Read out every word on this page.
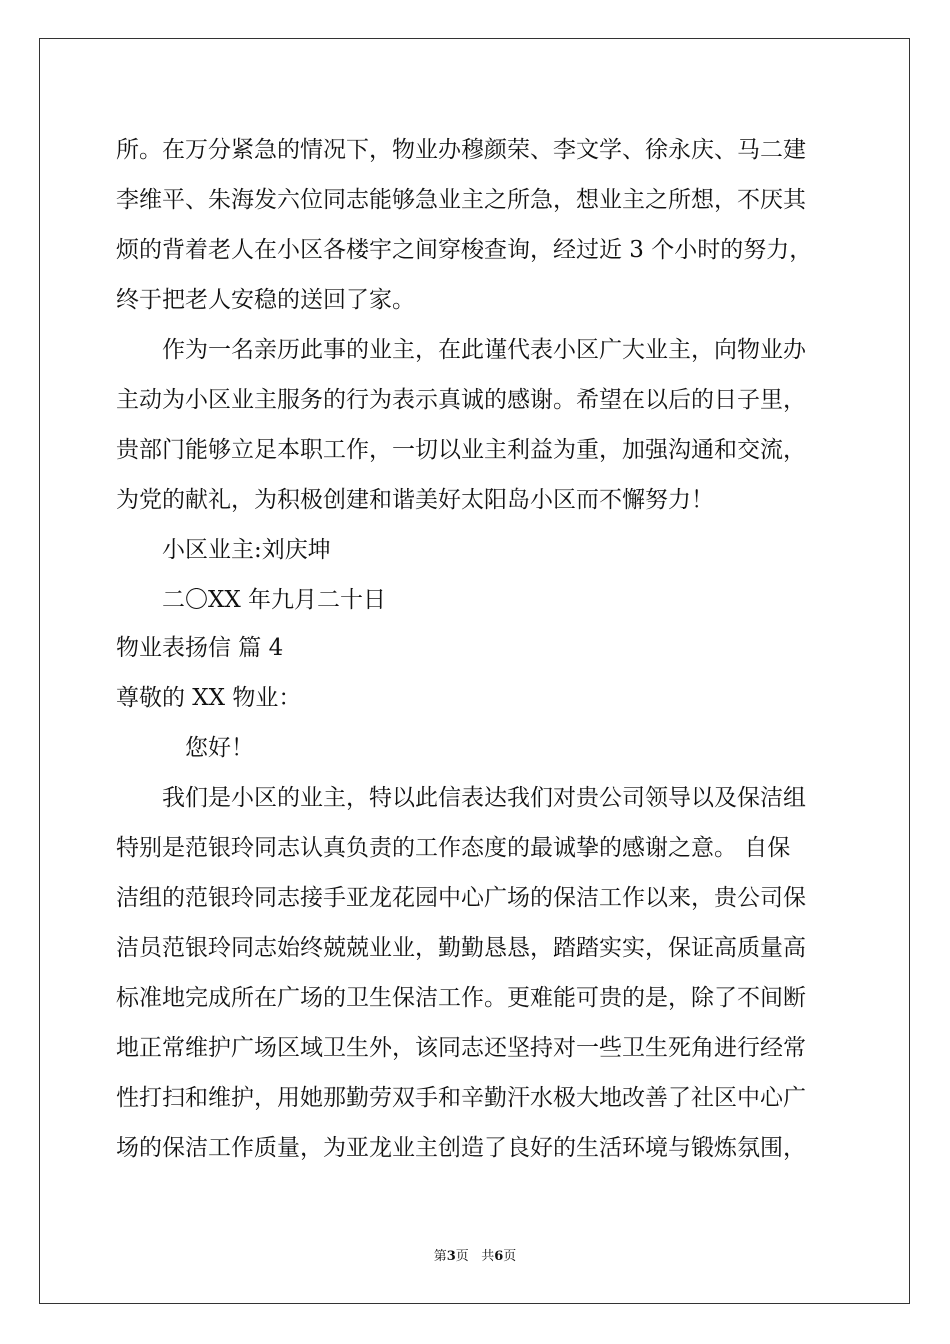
所。在万分紧急的情况下，物业办穆颜荣、李文学、徐永庆、马二建
李维平、朱海发六位同志能够急业主之所急，想业主之所想，不厌其
烦的背着老人在小区各楼宇之间穿梭查询，经过近 3 个小时的努力，
终于把老人安稳的送回了家。
作为一名亲历此事的业主，在此谨代表小区广大业主，向物业办
主动为小区业主服务的行为表示真诚的感谢。希望在以后的日子里，
贵部门能够立足本职工作，一切以业主利益为重，加强沟通和交流，
为党的献礼，为积极创建和谐美好太阳岛小区而不懈努力！
小区业主:刘庆坤
二〇XX 年九月二十日
物业表扬信 篇 4
尊敬的 XX 物业：
您好！
我们是小区的业主，特以此信表达我们对贵公司领导以及保洁组
特别是范银玲同志认真负责的工作态度的最诚挚的感谢之意。 自保
洁组的范银玲同志接手亚龙花园中心广场的保洁工作以来，贵公司保
洁员范银玲同志始终兢兢业业，勤勤恳恳，踏踏实实，保证高质量高
标准地完成所在广场的卫生保洁工作。更难能可贵的是，除了不间断
地正常维护广场区域卫生外，该同志还坚持对一些卫生死角进行经常
性打扫和维护，用她那勤劳双手和辛勤汗水极大地改善了社区中心广
场的保洁工作质量，为亚龙业主创造了良好的生活环境与锻炼氛围，
第3页   共6页
